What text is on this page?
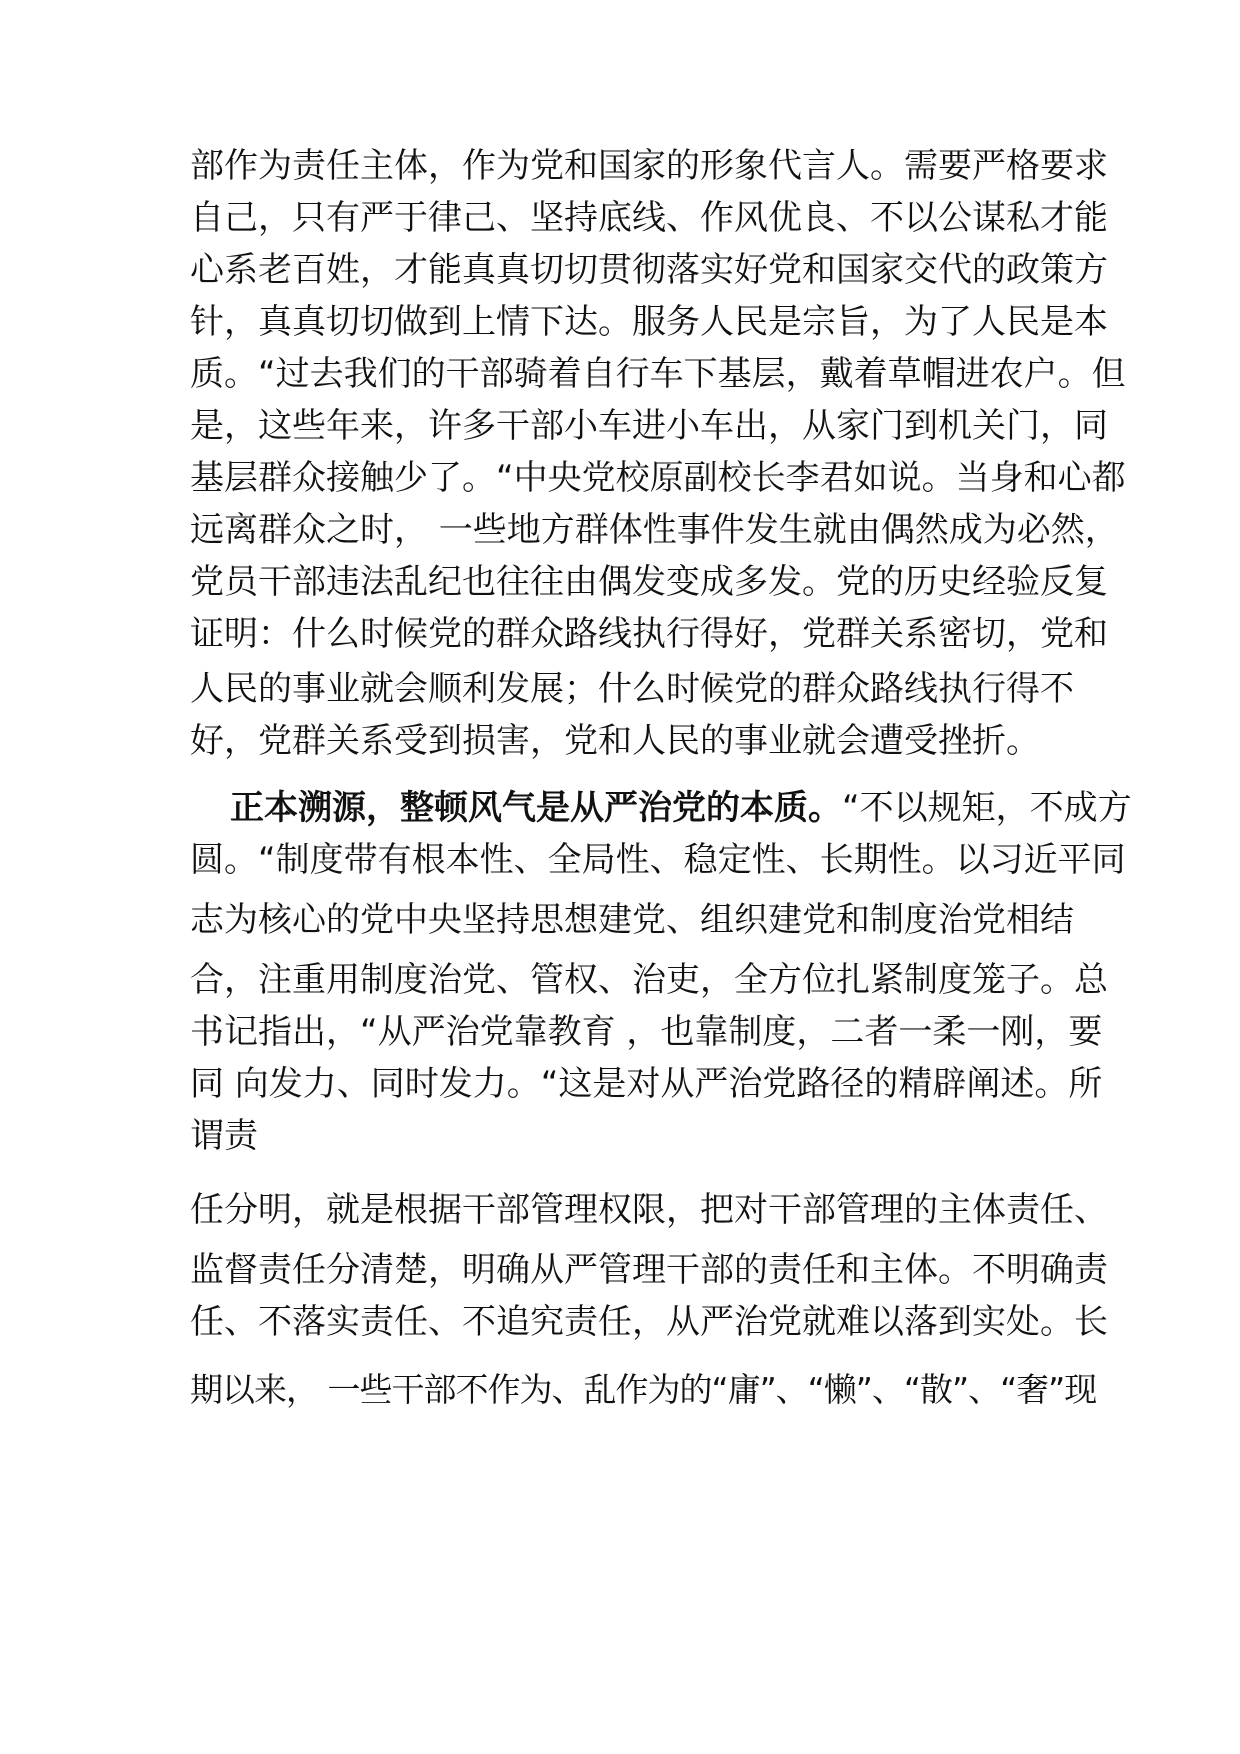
部作为责任主体，作为党和国家的形象代言人。需要严格要求
自己，只有严于律己、坚持底线、作风优良、不以公谋私才能
心系老百姓，才能真真切切贯彻落实好党和国家交代的政策方
针，真真切切做到上情下达。服务人民是宗旨，为了人民是本
质。“过去我们的干部骑着自行车下基层，戴着草帽进农户。但
是，这些年来，许多干部小车进小车出，从家门到机关门，同
基层群众接触少了。“中央党校原副校长李君如说。当身和心都
远离群众之时， 一些地方群体性事件发生就由偶然成为必然，
党员干部违法乱纪也往往由偶发变成多发。党的历史经验反复
证明：什么时候党的群众路线执行得好，党群关系密切，党和
人民的事业就会顺利发展；什么时候党的群众路线执行得不
好，党群关系受到损害，党和人民的事业就会遭受挫折。
正本溯源，整顿风气是从严治党的本质。“不以规矩，不成方
圆。“制度带有根本性、全局性、稳定性、长期性。以习近平同
志为核心的党中央坚持思想建党、组织建党和制度治党相结
合，注重用制度治党、管权、治吏，全方位扎紧制度笼子。总
书记指出，“从严治党靠教育 ，也靠制度，二者一柔一刚，要
同 向发力、同时发力。“这是对从严治党路径的精辟阐述。所
谓责
任分明，就是根据干部管理权限，把对干部管理的主体责任、
监督责任分清楚，明确从严管理干部的责任和主体。不明确责
任、不落实责任、不追究责任，从严治党就难以落到实处。长
期以来， 一些干部不作为、乱作为的“庸”、“懒”、“散”、“奢”现
